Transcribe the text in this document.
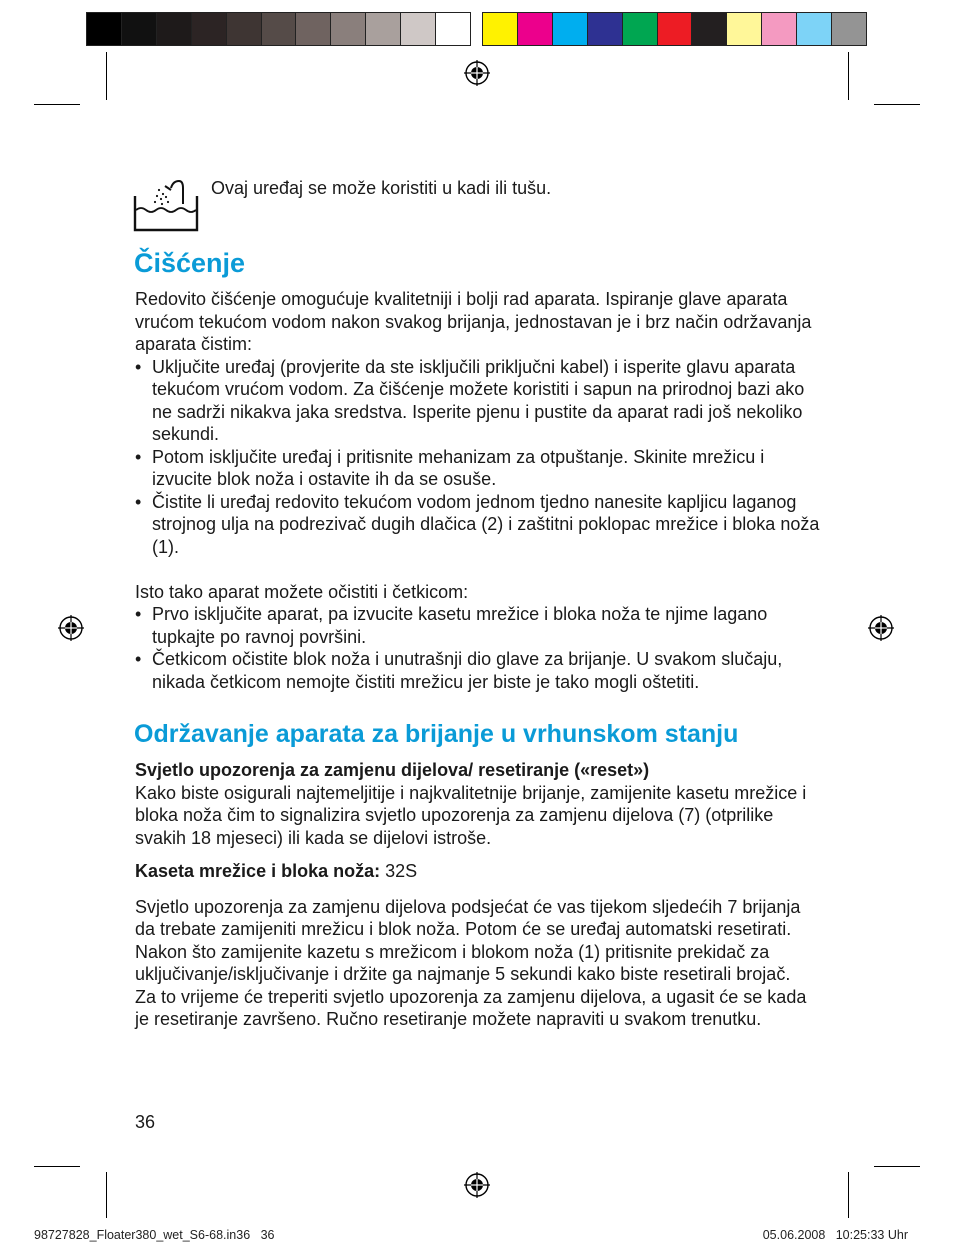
Ovaj uređaj se može koristiti u kadi ili tušu.
Čišćenje

Redovito čišćenje omogućuje kvalitetniji i bolji rad aparata. Ispiranje glave aparata vrućom tekućom vodom nakon svakog brijanja, jednostavan je i brz način održavanja aparata čistim:

• Uključite uređaj (provjerite da ste isključili priključni kabel) i isperite glavu aparata tekućom vrućom vodom. Za čišćenje možete koristiti i sapun na prirodnoj bazi ako ne sadrži nikakva jaka sredstva. Isperite pjenu i pustite da aparat radi još nekoliko sekundi.
• Potom isključite uređaj i pritisnite mehanizam za otpuštanje. Skinite mrežicu i izvucite blok noža i ostavite ih da se osuše.
• Čistite li uređaj redovito tekućom vodom jednom tjedno nanesite kapljicu laganog strojnog ulja na podrezivač dugih dlačica (2) i zaštitni poklopac mrežice i bloka noža (1).

Isto tako aparat možete očistiti i četkicom:

• Prvo isključite aparat, pa izvucite kasetu mrežice i bloka noža te njime lagano tupkajte po ravnoj površini.
• Četkicom očistite blok noža i unutrašnji dio glave za brijanje. U svakom slučaju, nikada četkicom nemojte čistiti mrežicu jer biste je tako mogli oštetiti.
Održavanje aparata za brijanje u vrhunskom stanju

Svjetlo upozorenja za zamjenu dijelova/ resetiranje («reset»)

Kako biste osigurali najtemeljitije i najkvalitetnije brijanje, zamijenite kasetu mrežice i bloka noža čim to signalizira svjetlo upozorenja za zamjenu dijelova (7) (otprilike svakih 18 mjeseci) ili kada se dijelovi istroše.

Kaseta mrežice i bloka noža: 32S

Svjetlo upozorenja za zamjenu dijelova podsjećat će vas tijekom sljedećih 7 brijanja da trebate zamijeniti mrežicu i blok noža. Potom će se uređaj automatski resetirati.

Nakon što zamijenite kazetu s mrežicom i blokom noža (1) pritisnite prekidač za uključivanje/isključivanje i držite ga najmanje 5 sekundi kako biste resetirali brojač.

Za to vrijeme će treperiti svjetlo upozorenja za zamjenu dijelova, a ugasit će se kada je resetiranje završeno. Ručno resetiranje možete napraviti u svakom trenutku.

36
98727828_Floater380_wet_S6-68.in36   36	05.06.2008   10:25:33 Uhr
